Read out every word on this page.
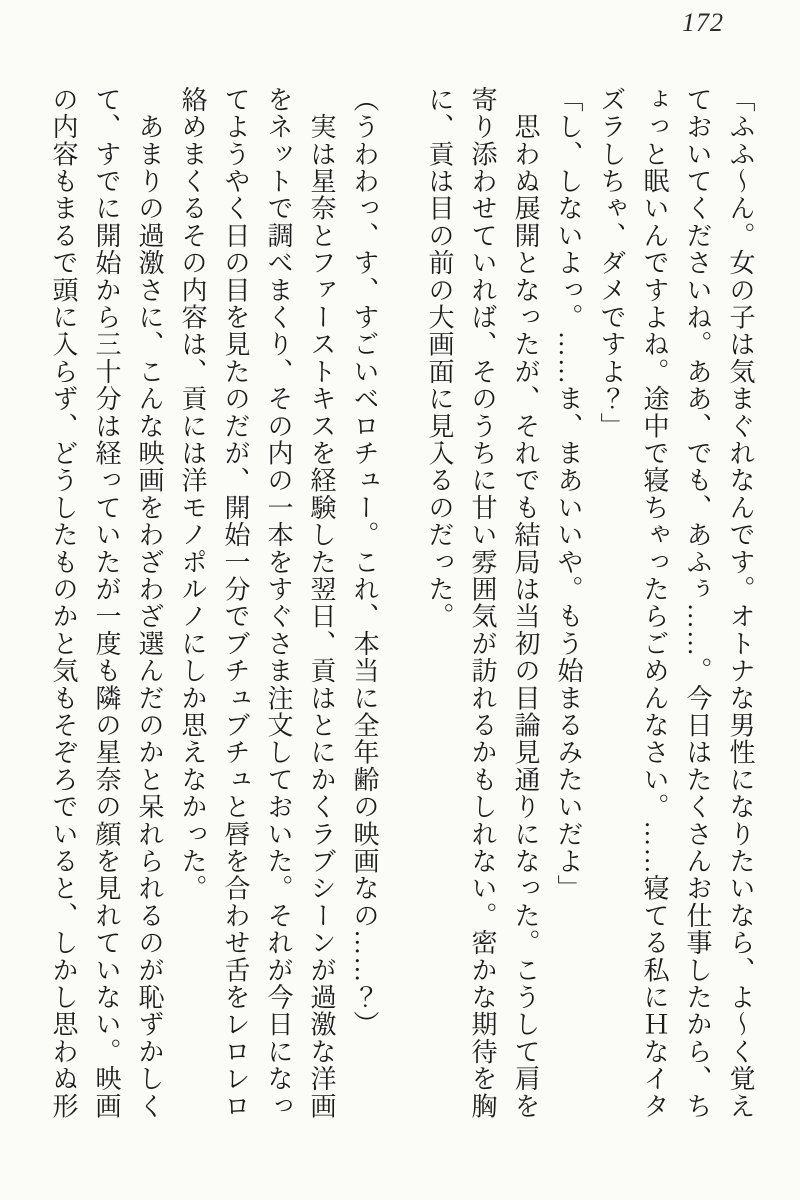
172

「ふふ〜ん。女の子は気まぐれなんです。オトナな男性になりたいなら、よ〜く覚え

ておいてくださいね。ああ、でも、あふぅ……。今日はたくさんお仕事したから、ち

ょっと眠いんですよね。途中で寝ちゃったらごめんなさい。……寝てる私にＨなイタ

ズラしちゃ、ダメですよ？」

「し、しないよっ。……ま、まあいいや。もう始まるみたいだよ」

　思わぬ展開となったが、それでも結局は当初の目論見通りになった。こうして肩を

寄り添わせていれば、そのうちに甘い雰囲気が訪れるかもしれない。密かな期待を胸

に、貢は目の前の大画面に見入るのだった。

（うわわっ、す、すごいベロチュー。これ、本当に全年齢の映画なの……？）

　実は星奈とファーストキスを経験した翌日、貢はとにかくラブシーンが過激な洋画

をネットで調べまくり、その内の一本をすぐさま注文しておいた。それが今日になっ

てようやく日の目を見たのだが、開始一分でブチュブチュと唇を合わせ舌をレロレロ

絡めまくるその内容は、貢には洋モノポルノにしか思えなかった。

　あまりの過激さに、こんな映画をわざわざ選んだのかと呆れられるのが恥ずかしく

て、すでに開始から三十分は経っていたが一度も隣の星奈の顔を見れていない。映画

の内容もまるで頭に入らず、どうしたものかと気もそぞろでいると、しかし思わぬ形
